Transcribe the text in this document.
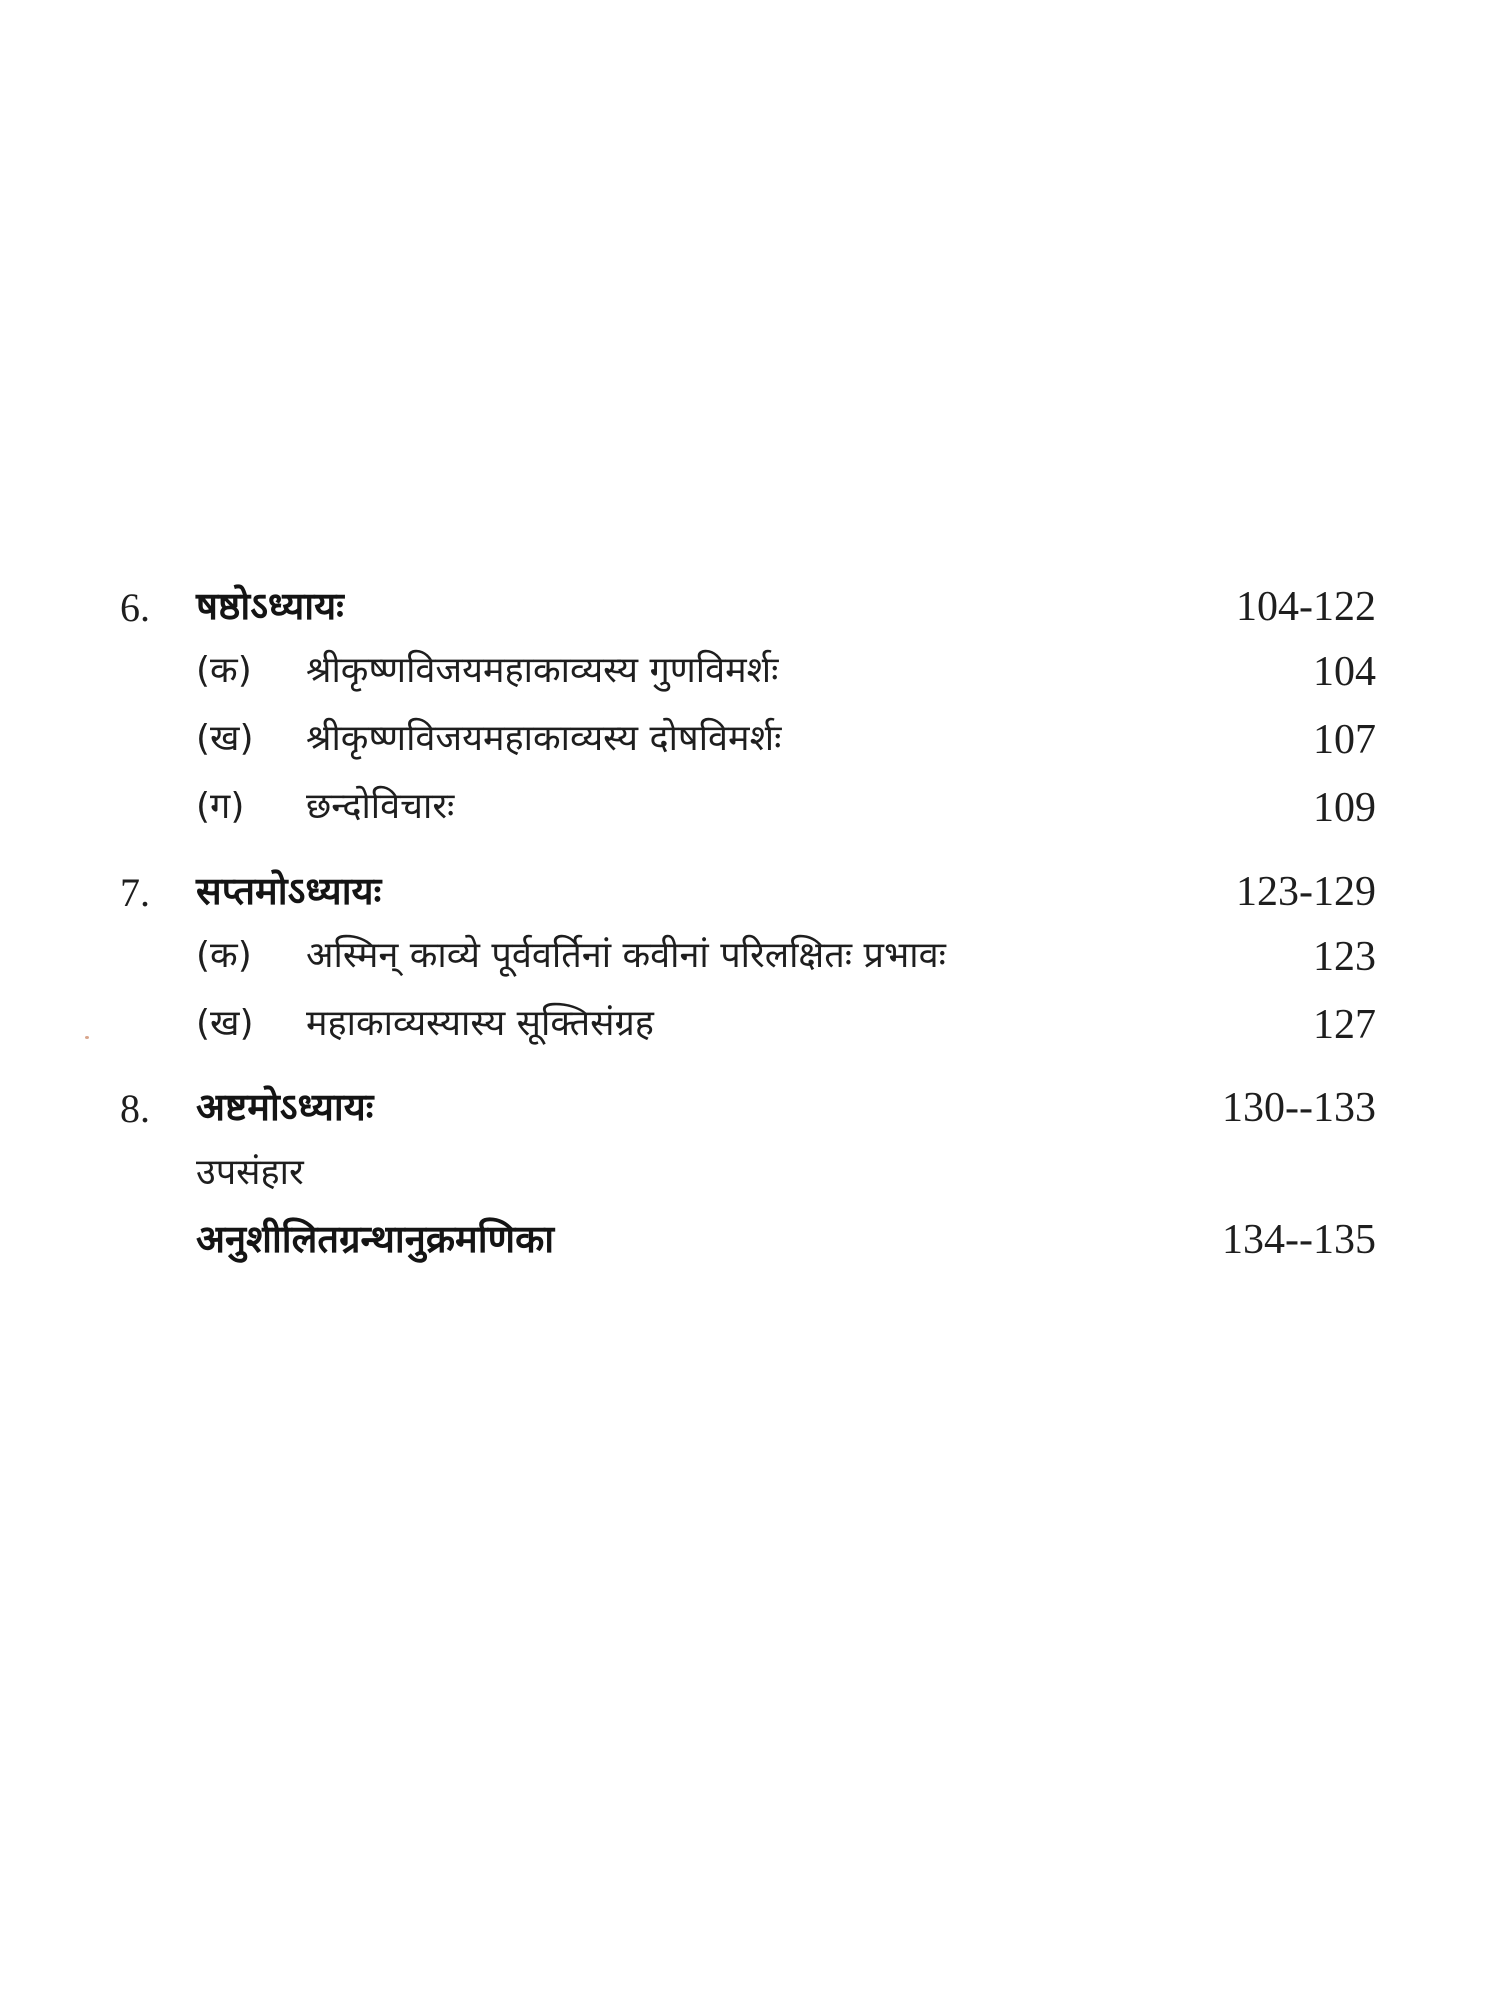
6. षष्ठोऽध्यायः	104-122
(क) श्रीकृष्णविजयमहाकाव्यस्य गुणविमर्शः	104
(ख) श्रीकृष्णविजयमहाकाव्यस्य दोषविमर्शः	107
(ग) छन्दोविचारः	109
7. सप्तमोऽध्यायः	123-129
(क) अस्मिन् काव्ये पूर्ववर्तिनां कवीनां परिलक्षितः प्रभावः	123
(ख) महाकाव्यस्यास्य सूक्तिसंग्रह	127
8. अष्टमोऽध्यायः	130--133
उपसंहार
अनुशीलितग्रन्थानुक्रमणिका	134--135
